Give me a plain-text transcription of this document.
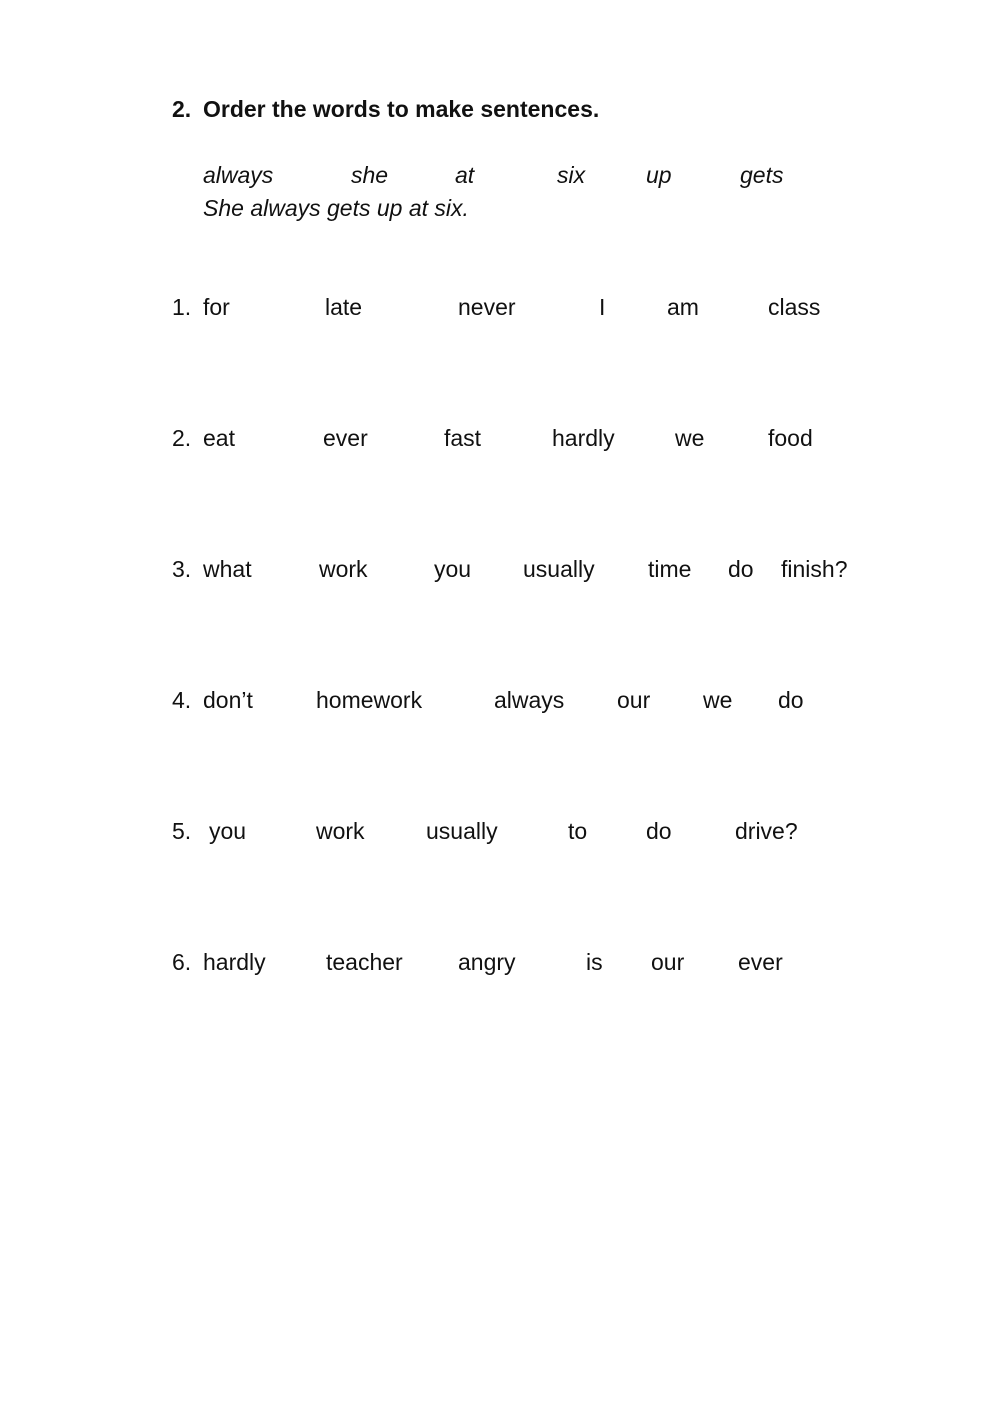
2. Order the words to make sentences.
always	she	at	six	up	gets
She always gets up at six.
1. for	late	never	I	am	class
2. eat	ever	fast	hardly	we	food
3. what	work	you usually time do finish?
4. don’t	homework	always our we do
5. you	work	usually	to	do	drive?
6. hardly	teacher angry	is our ever
